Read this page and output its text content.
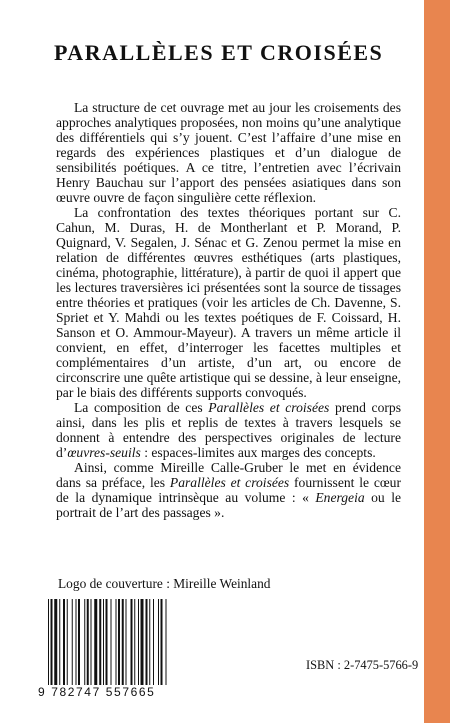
PARALLÈLES ET CROISÉES

La structure de cet ouvrage met au jour les croisements des approches analytiques proposées, non moins qu’une analytique des différentiels qui s’y jouent. C’est l’affaire d’une mise en regards des expériences plastiques et d’un dialogue de sensibilités poétiques. A ce titre, l’entretien avec l’écrivain Henry Bauchau sur l’apport des pensées asiatiques dans son œuvre ouvre de façon singulière cette réflexion.

La confrontation des textes théoriques portant sur C. Cahun, M. Duras, H. de Montherlant et P. Morand, P. Quignard, V. Segalen, J. Sénac et G. Zenou permet la mise en relation de différentes œuvres esthétiques (arts plastiques, cinéma, photographie, littérature), à partir de quoi il appert que les lectures traversières ici présentées sont la source de tissages entre théories et pratiques (voir les articles de Ch. Davenne, S. Spriet et Y. Mahdi ou les textes poétiques de F. Coissard, H. Sanson et O. Ammour-Mayeur). A travers un même article il convient, en effet, d’interroger les facettes multiples et complémentaires d’un artiste, d’un art, ou encore de circonscrire une quête artistique qui se dessine, à leur enseigne, par le biais des différents supports convoqués.

La composition de ces Parallèles et croisées prend corps ainsi, dans les plis et replis de textes à travers lesquels se donnent à entendre des perspectives originales de lecture d’œuvres-seuils : espaces-limites aux marges des concepts.

Ainsi, comme Mireille Calle-Gruber le met en évidence dans sa préface, les Parallèles et croisées fournissent le cœur de la dynamique intrinsèque au volume : « Energeia ou le portrait de l’art des passages ».

Logo de couverture : Mireille Weinland
9 782747 557665
ISBN : 2-7475-5766-9
